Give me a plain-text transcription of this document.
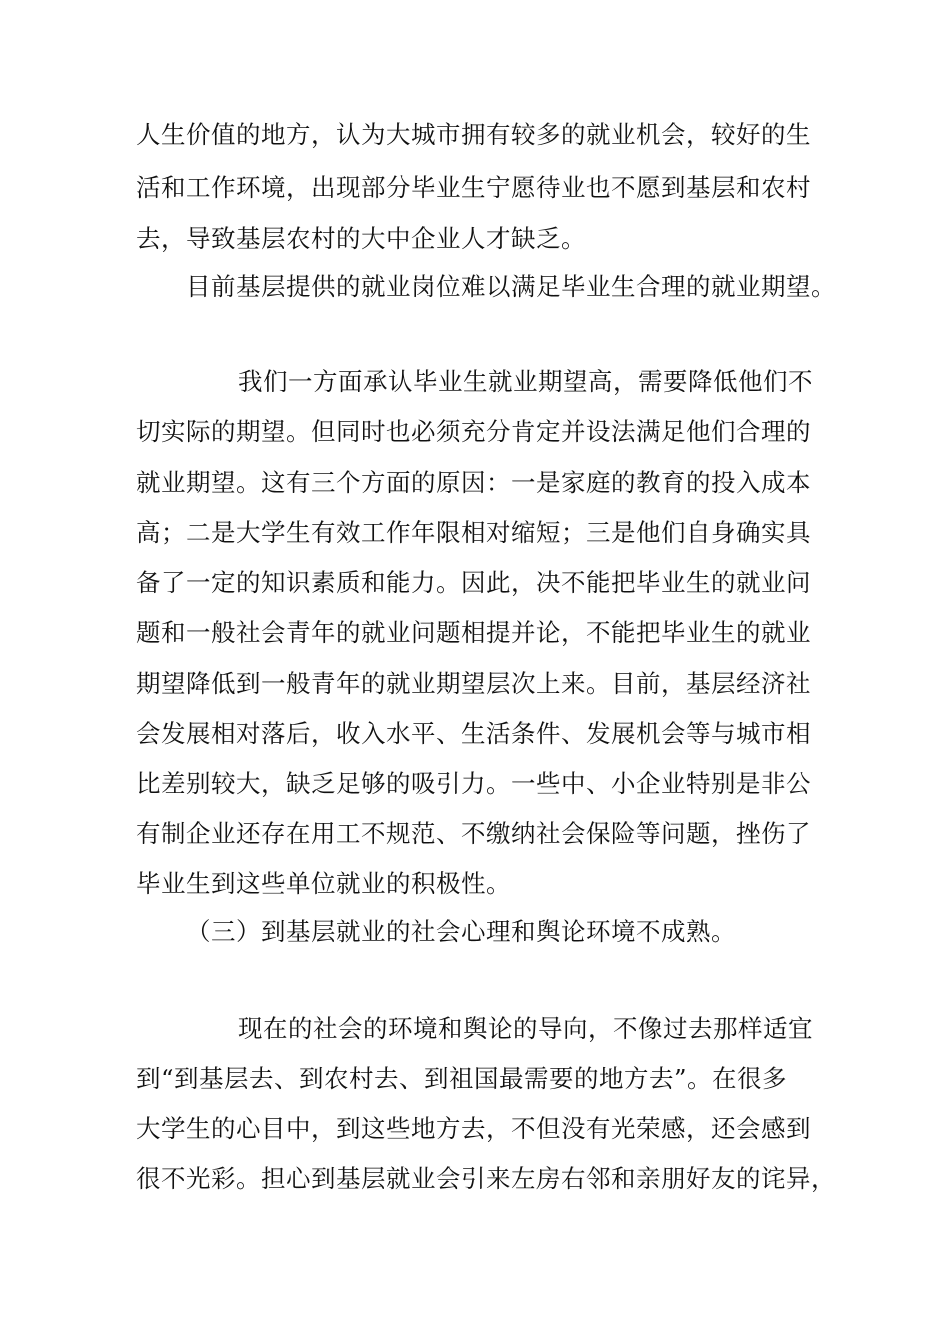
人生价值的地方，认为大城市拥有较多的就业机会，较好的生
活和工作环境，出现部分毕业生宁愿待业也不愿到基层和农村
去，导致基层农村的大中企业人才缺乏。
目前基层提供的就业岗位难以满足毕业生合理的就业期望。
我们一方面承认毕业生就业期望高，需要降低他们不
切实际的期望。但同时也必须充分肯定并设法满足他们合理的
就业期望。这有三个方面的原因：一是家庭的教育的投入成本
高；二是大学生有效工作年限相对缩短；三是他们自身确实具
备了一定的知识素质和能力。因此，决不能把毕业生的就业问
题和一般社会青年的就业问题相提并论，不能把毕业生的就业
期望降低到一般青年的就业期望层次上来。目前，基层经济社
会发展相对落后，收入水平、生活条件、发展机会等与城市相
比差别较大，缺乏足够的吸引力。一些中、小企业特别是非公
有制企业还存在用工不规范、不缴纳社会保险等问题，挫伤了
毕业生到这些单位就业的积极性。
（三）到基层就业的社会心理和舆论环境不成熟。
现在的社会的环境和舆论的导向，不像过去那样适宜
到“到基层去、到农村去、到祖国最需要的地方去”。在很多
大学生的心目中，到这些地方去，不但没有光荣感，还会感到
很不光彩。担心到基层就业会引来左房右邻和亲朋好友的诧异，
